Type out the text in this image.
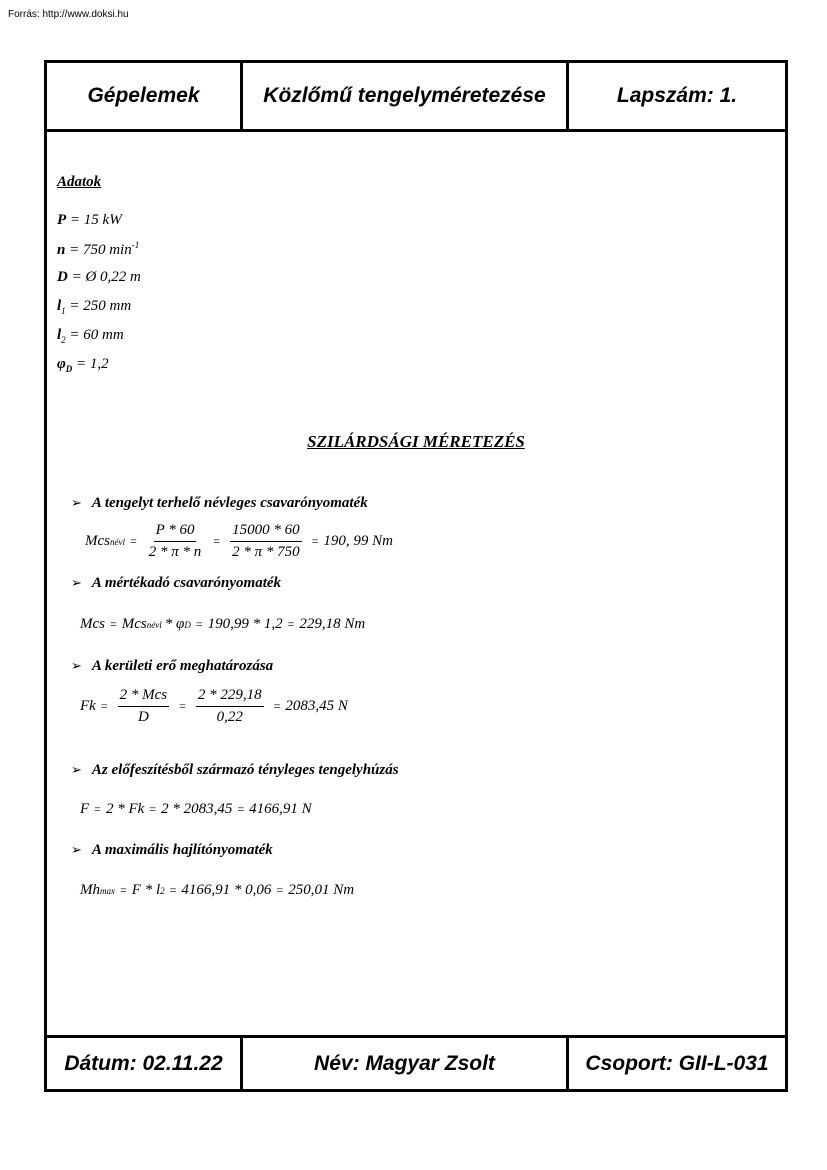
Forrás: http://www.doksi.hu
Gépelemek	Közlőmű tengelyméretezése	Lapszám: 1.
Adatok
P = 15 kW
n = 750 $\min^{-1}$
D = Ø 0,22 m
$l_1 = 250$ mm
$l_2 = 60$ mm
$\varphi_D = 1,2$
SZILÁRDSÁGI MÉRETEZÉS
➢ A tengelyt terhelő névleges csavarónyomaték
Mcs névl = $\frac{P * 60}{2 * \pi * n} = \frac{15000 * 60}{2 * \pi * 750} = 190$, 99 Nm
➢ A mértékadó csavarónyomaték
Mcs = Mcs névl * φ D = 190,99 * 1,2 = 229,18 Nm
➢ A kerületi erő meghatározása
$Fk = \frac{\text{2 * Mcs}}{D} = \frac{2 * 229,18}{0,22} = 2083,45$ N
➢ Az előfeszítésből származó tényleges tengelyhúzás
F = 2 * Fk = 2 * 2083,45 = 4166,91 N
➢ A maximális hajlítónyomaték
Mh max = F * l 2 = 4166,91 * 0,06 = 250,01 Nm
Dátum: 02.11.22	Név: Magyar Zsolt	Csoport: GII-L-031
